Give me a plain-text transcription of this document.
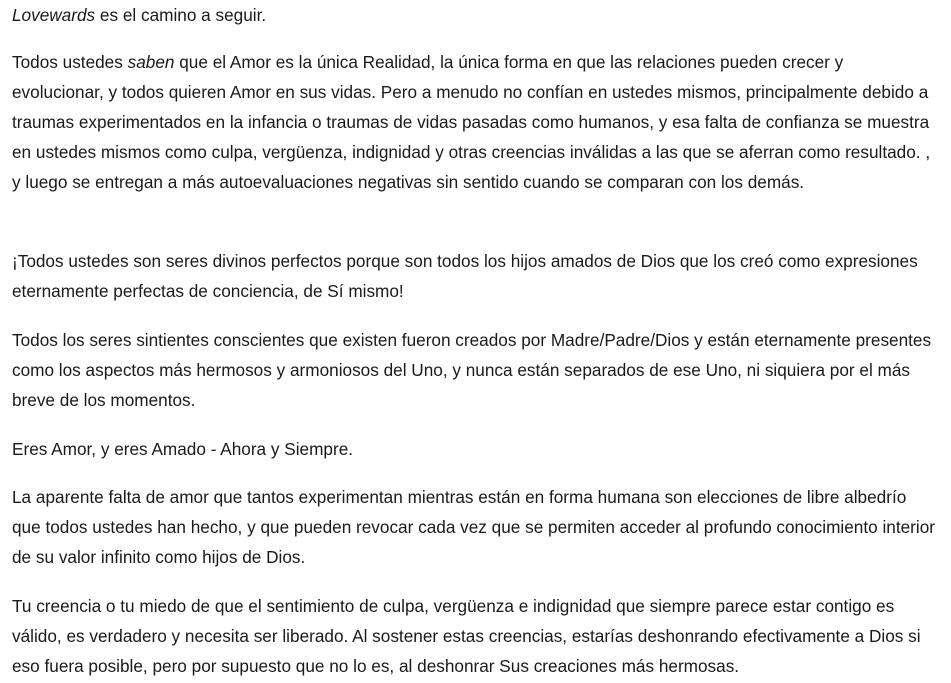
Lovewards es el camino a seguir.

Todos ustedes saben que el Amor es la única Realidad, la única forma en que las relaciones pueden crecer y evolucionar, y todos quieren Amor en sus vidas. Pero a menudo no confían en ustedes mismos, principalmente debido a traumas experimentados en la infancia o traumas de vidas pasadas como humanos, y esa falta de confianza se muestra en ustedes mismos como culpa, vergüenza, indignidad y otras creencias inválidas a las que se aferran como resultado. , y luego se entregan a más autoevaluaciones negativas sin sentido cuando se comparan con los demás.

¡Todos ustedes son seres divinos perfectos porque son todos los hijos amados de Dios que los creó como expresiones eternamente perfectas de conciencia, de Sí mismo!

Todos los seres sintientes conscientes que existen fueron creados por Madre/Padre/Dios y están eternamente presentes como los aspectos más hermosos y armoniosos del Uno, y nunca están separados de ese Uno, ni siquiera por el más breve de los momentos.

Eres Amor, y eres Amado - Ahora y Siempre.

La aparente falta de amor que tantos experimentan mientras están en forma humana son elecciones de libre albedrío que todos ustedes han hecho, y que pueden revocar cada vez que se permiten acceder al profundo conocimiento interior de su valor infinito como hijos de Dios.

Tu creencia o tu miedo de que el sentimiento de culpa, vergüenza e indignidad que siempre parece estar contigo es válido, es verdadero y necesita ser liberado. Al sostener estas creencias, estarías deshonrando efectivamente a Dios si eso fuera posible, pero por supuesto que no lo es, al deshonrar Sus creaciones más hermosas.
